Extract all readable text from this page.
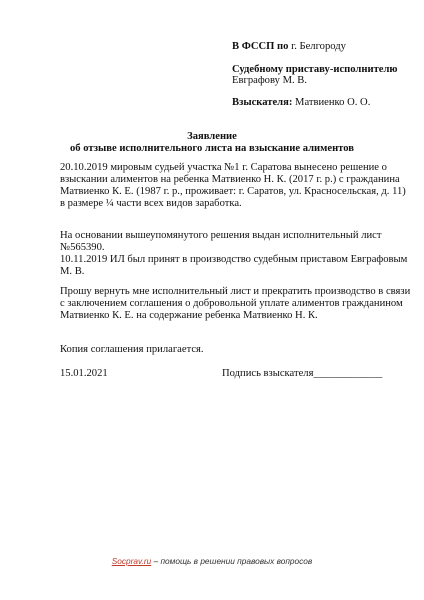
В ФССП по г. Белгороду
Судебному приставу-исполнителю
Евграфову М. В.
Взыскателя: Матвиенко О. О.
Заявление
об отзыве исполнительного листа на взыскание алиментов
20.10.2019 мировым судьей участка №1 г. Саратова вынесено решение о
взыскании алиментов на ребенка Матвиенко Н. К. (2017 г. р.) с гражданина
Матвиенко К. Е. (1987 г. р., проживает: г. Саратов, ул. Красносельская, д. 11)
в размере ¼ части всех видов заработка.
На основании вышеупомянутого решения выдан исполнительный лист
№565390.
10.11.2019 ИЛ был принят в производство судебным приставом Евграфовым
М. В.
Прошу вернуть мне исполнительный лист и прекратить производство в связи
с заключением соглашения о добровольной уплате алиментов гражданином
Матвиенко К. Е. на содержание ребенка Матвиенко Н. К.
Копия соглашения прилагается.
15.01.2021	Подпись взыскателя_____________
Socprav.ru – помощь в решении правовых вопросов
